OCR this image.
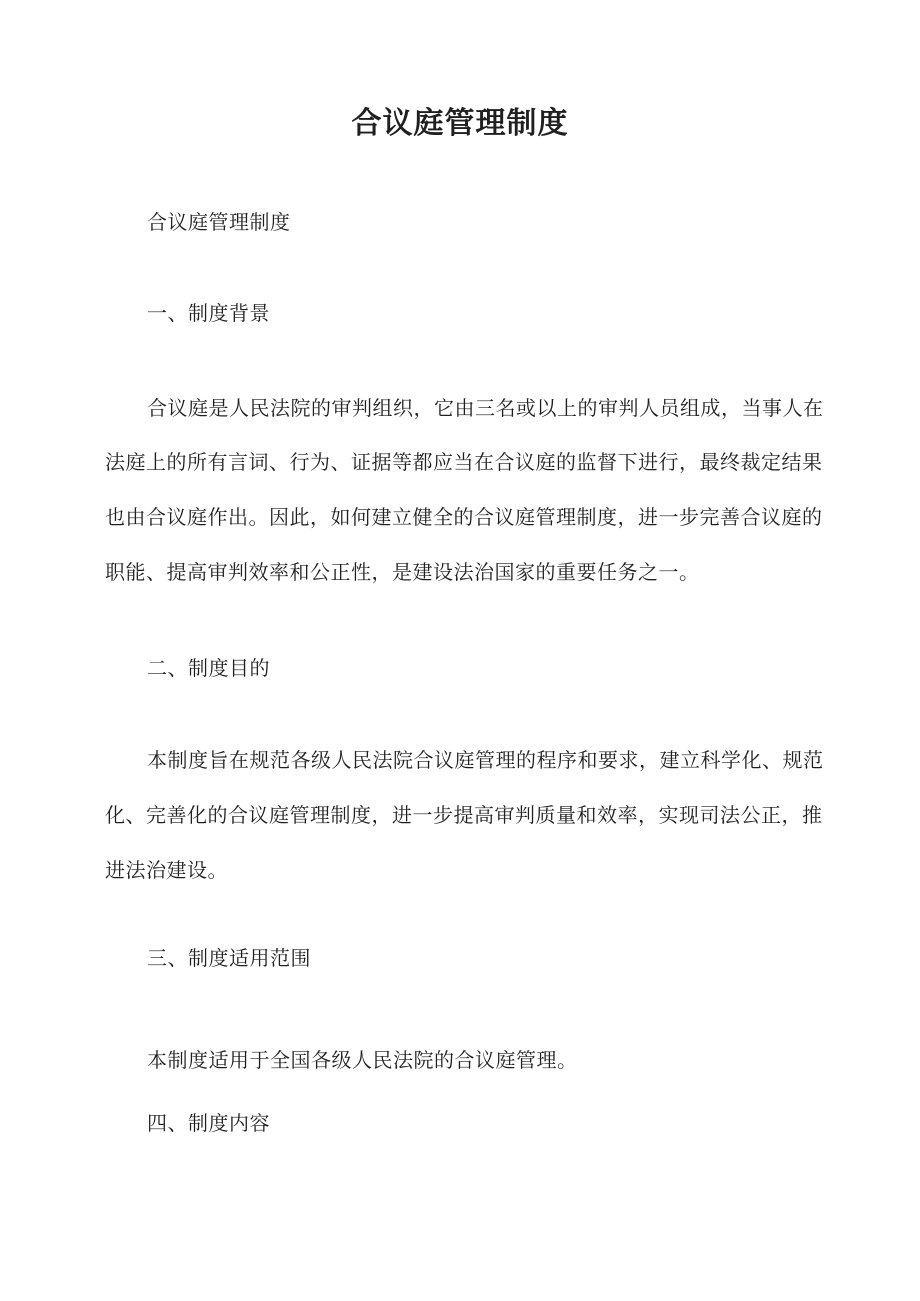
合议庭管理制度

合议庭管理制度

一、制度背景

合议庭是人民法院的审判组织，它由三名或以上的审判人员组成，当事人在

法庭上的所有言词、行为、证据等都应当在合议庭的监督下进行，最终裁定结果

也由合议庭作出。因此，如何建立健全的合议庭管理制度，进一步完善合议庭的

职能、提高审判效率和公正性，是建设法治国家的重要任务之一。

二、制度目的

本制度旨在规范各级人民法院合议庭管理的程序和要求，建立科学化、规范

化、完善化的合议庭管理制度，进一步提高审判质量和效率，实现司法公正，推

进法治建设。

三、制度适用范围

本制度适用于全国各级人民法院的合议庭管理。

四、制度内容
